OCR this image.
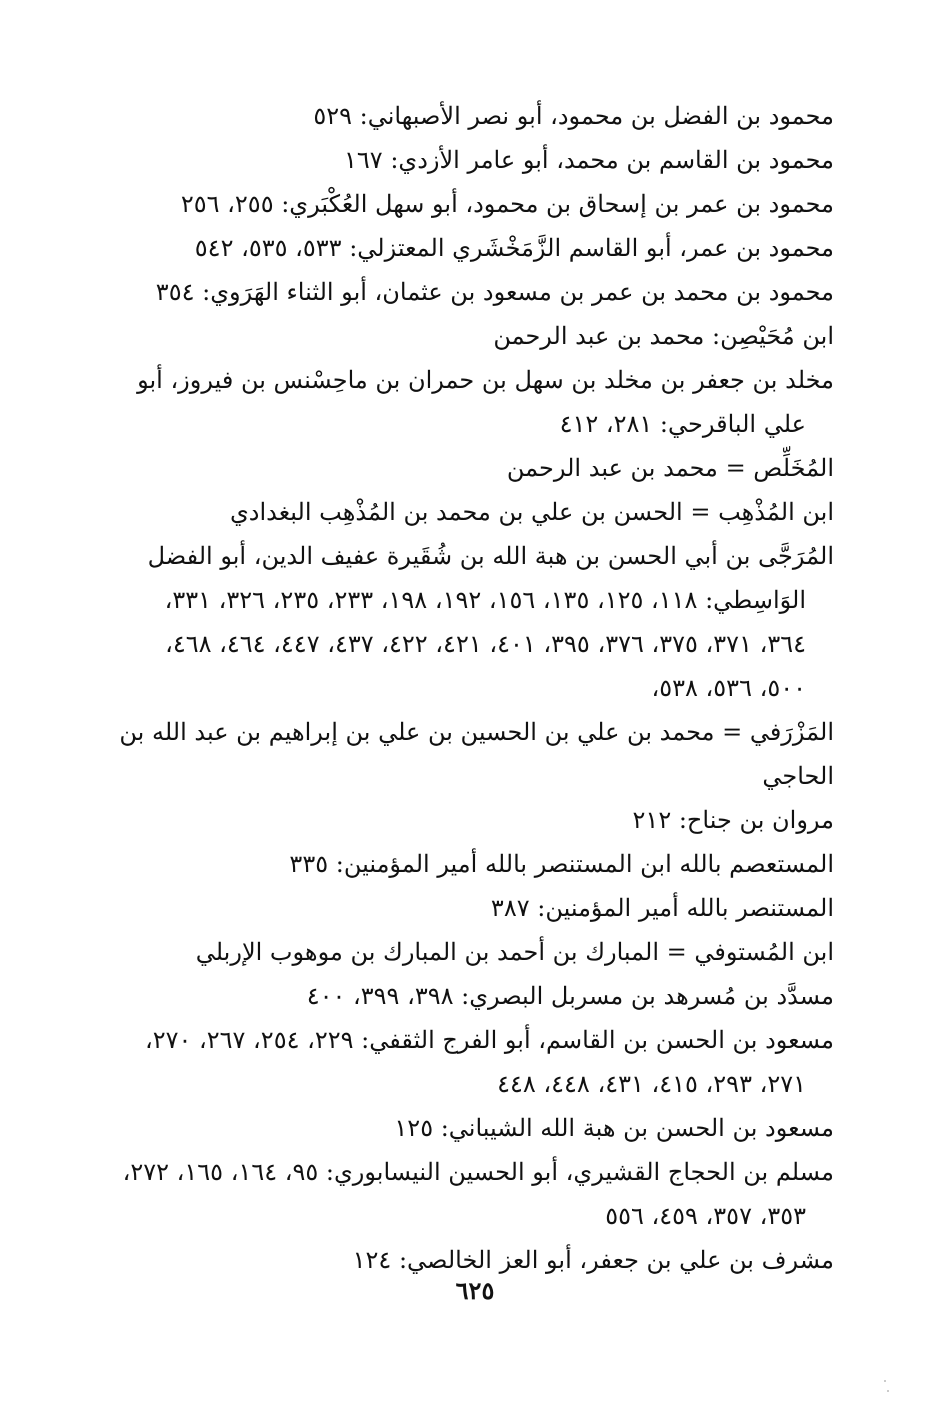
محمود بن الفضل بن محمود، أبو نصر الأصبهاني: ٥٢٩

محمود بن القاسم بن محمد، أبو عامر الأزدي: ١٦٧

محمود بن عمر بن إسحاق بن محمود، أبو سهل العُكْبَري: ٢٥٥، ٢٥٦

محمود بن عمر، أبو القاسم الزَّمَخْشَري المعتزلي: ٥٣٣، ٥٣٥، ٥٤٢

محمود بن محمد بن عمر بن مسعود بن عثمان، أبو الثناء الهَرَوي: ٣٥٤

ابن مُحَيْصِن: محمد بن عبد الرحمن

مخلد بن جعفر بن مخلد بن سهل بن حمران بن ماحِسْنس بن فيروز، أبو علي الباقرحي: ٢٨١، ٤١٢

المُخَلِّص = محمد بن عبد الرحمن

ابن المُذْهِب = الحسن بن علي بن محمد بن المُذْهِب البغدادي

المُرَجَّى بن أبي الحسن بن هبة الله بن شُقَيرة عفيف الدين، أبو الفضل الوَاسِطي: ١١٨، ١٢٥، ١٣٥، ١٥٦، ١٩٢، ١٩٨، ٢٣٣، ٢٣٥، ٣٢٦، ٣٣١، ٣٦٤، ٣٧١، ٣٧٥، ٣٧٦، ٣٩٥، ٤٠١، ٤٢١، ٤٢٢، ٤٣٧، ٤٤٧، ٤٦٤، ٤٦٨، ٥٠٠، ٥٣٦، ٥٣٨،

المَزْرَفي = محمد بن علي بن الحسين بن علي بن إبراهيم بن عبد الله بن الحاجي

مروان بن جناح: ٢١٢

المستعصم بالله ابن المستنصر بالله أمير المؤمنين: ٣٣٥

المستنصر بالله أمير المؤمنين: ٣٨٧

ابن المُستوفي = المبارك بن أحمد بن المبارك بن موهوب الإربلي

مسدَّد بن مُسرهد بن مسربل البصري: ٣٩٨، ٣٩٩، ٤٠٠

مسعود بن الحسن بن القاسم، أبو الفرج الثقفي: ٢٢٩، ٢٥٤، ٢٦٧، ٢٧٠، ٢٧١، ٢٩٣، ٤١٥، ٤٣١، ٤٤٨، ٤٤٨

مسعود بن الحسن بن هبة الله الشيباني: ١٢٥

مسلم بن الحجاج القشيري، أبو الحسين النيسابوري: ٩٥، ١٦٤، ١٦٥، ٢٧٢، ٣٥٣، ٣٥٧، ٤٥٩، ٥٥٦

مشرف بن علي بن جعفر، أبو العز الخالصي: ١٢٤

٦٢٥
